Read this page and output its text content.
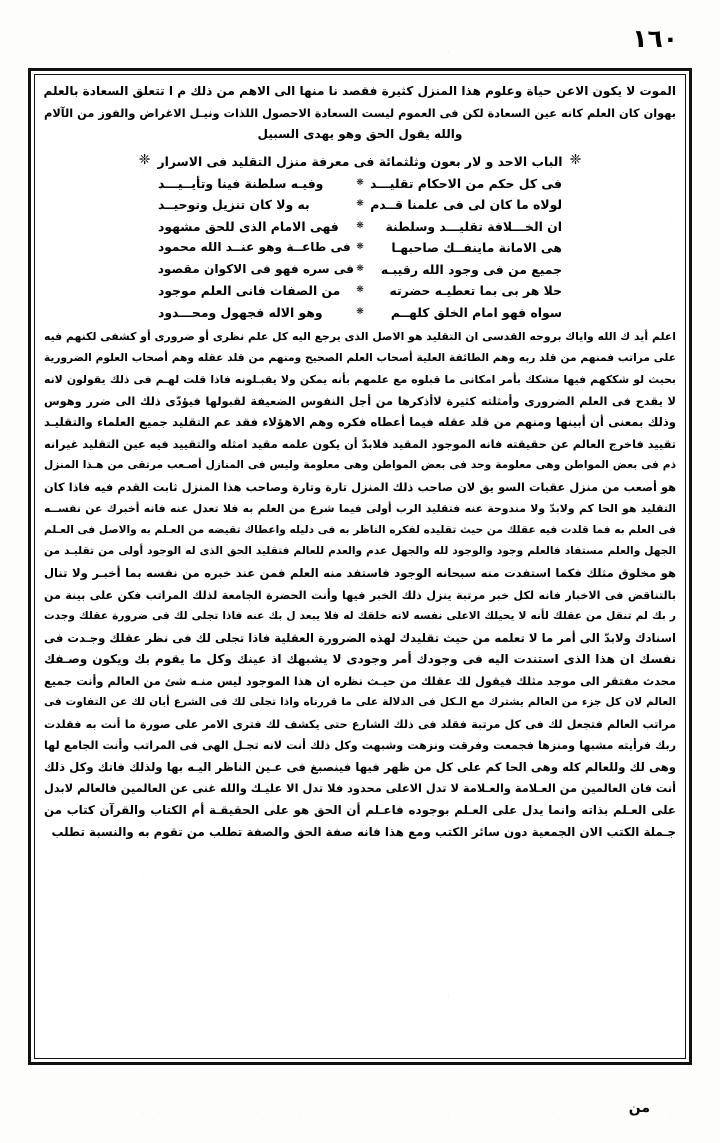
١٦٠
الموت لا يكون الاعن حياة وعلوم هذا المنزل كثيرة فقصد نا منها الى الاهم من ذلك م ا تتعلق السعادة بالعلم
بهوان كان العلم كانه عين السعادة لكن فى العموم ليست السعادة الاحصول اللذات ونيـل الاغراض والفوز من الآلام
والله يقول الحق وهو يهدى السبيل
❈
الباب الاحد و لار بعون وثلثمائة فى معرفة منزل التقليد فى الاسرار
❈
فى كل حكم من الاحكام تقليـــد
❋
وفيـه سلطنة فينا وتأيــيـــد
لولاه ما كان لى فى علمنا قــدم
❋
به ولا كان تنزيل وتوحيــد
ان الخـــلافة تقليـــد وسلطنة
❋
فهى الامام الذى للحق مشهود
هى الامانة ماينفــك صاحبهـا
❋
فى طاعــة وهو عنــد الله محمود
جميع من فى وجود الله رقيبـه
❋
فى سره فهو فى الاكوان مقصود
حلا هر بى بما تعطيـه حضرته
❋
من الصفات فانى العلم موجود
سواه فهو امام الخلق كلهــم
❋
وهو الاله فجهول ومحـــدود
اعلم أيد ك الله واياك بروحه القدسى ان التقليد هو الاصل الذى يرجع اليه كل علم نظرى أو ضرورى أو كشفى لكنهم فيه
على مراتب فمنهم من قلد ربه وهم الطائفة العلية أصحاب العلم الصحيح ومنهم من قلد عقله وهم أصحاب العلوم الضرورية
بحيث لو شككهم فيها مشكك بأمر امكانى ما قبلوه مع علمهم بأنه يمكن ولا يقبـلونه فاذا قلت لهـم فى ذلك يقولون لانه
لا يقدح فى العلم الضرورى وأمثلته كثيرة لاأذكرها من أجل النفوس الضعيفة لقبولها فيؤدّى ذلك الى ضرر وهوس
وذلك بمعنى أن أبينها ومنهم من قلد عقله فيما أعطاه فكره وهم الاهؤلاء فقد عم التقليد جميع العلماء والتقليـد
تقييد فاخرج العالم عن حقيقته فانه الموجود المقيد فلابدّ أن يكون علمه مقيد امثله والتقييد فيه عين التقليد غيرانه
ذم فى بعض المواطن وهى معلومة وحد فى بعض المواطن وهى معلومة وليس فى المنازل أصـعب مرتقى من هـذا المنزل
هو أصعب من منزل عقبات السو يق لان صاحب ذلك المنزل تارة وتارة وصاحب هذا المنزل ثابت القدم فيه فاذا كان
التقليد هو الحا كم ولابدّ ولا مندوحة عنه فتقليد الرب أولى فيما شرع من العلم به فلا تعدل عنه فانه أخبرك عن نفســه
فى العلم به فما قلدت فيه عقلك من حيث تقليده لفكره الناظر به فى دليله واعطاك تقيضه من العـلم به والاصل فى العـلم
الجهل والعلم مستفاد فالعلم وجود والوجود لله والجهل عدم والعدم للعالم فتقليد الحق الذى له الوجود أولى من تقليـد من
هو مخلوق مثلك فكما استفدت منه سبحانه الوجود فاستفد منه العلم فمن عند خبره من نفسه بما أخبـر ولا تنال
بالتناقض فى الاخبار فانه لكل خبر مرتبة ينزل ذلك الخبر فيها وأنت الحضرة الجامعة لذلك المراتب فكن على بينة من
ر بك لم تنقل من عقلك لأنه لا يحيلك الاعلى نفسه لانه خلقك له فلا يبعد ل بك عنه فاذا تجلى لك فى ضرورة عقلك وجدت
اسنادك ولابدّ الى أمر ما لا تعلمه من حيث تقليدك لهذه الضرورة العقلية فاذا تجلى لك فى نظر عقلك وجـدت فى
نفسك ان هذا الذى استندت اليه فى وجودك أمر وجودى لا يشبهك اذ عينك وكل ما يقوم بك ويكون وصـفك
محدث مفتقر الى موجد مثلك فيقول لك عقلك من حيـث نظره ان هذا الموجود ليس منـه شئ من العالم وأنت جميع
العالم لان كل جزء من العالم يشترك مع الـكل فى الدلالة على ما قررناه واذا تجلى لك فى الشرع أبان لك عن التفاوت فى
مراتب العالم فتجعل لك فى كل مرتبة فقلد فى ذلك الشارع حتى يكشف لك فترى الامر على صورة ما أنت به فقلدت
ربك فرأيته مشبها ومنزها فجمعت وفرقت ونزهت وشبهت وكل ذلك أنت لانه تجـل الهى فى المراتب وأنت الجامع لها
وهى لك وللعالم كله وهى الحا كم على كل من ظهر فيها فينصبغ فى عـين الناظر اليـه بها ولذلك فاتك وكل ذلك
أنت فان العالمين من العـلامة والعـلامة لا تدل الاعلى محدود فلا تدل الا عليـك والله غنى عن العالمين فالعالم لابدل
على العـلم بذاته وانما يدل على العـلم بوجوده فاعـلم أن الحق هو على الحقيقـة أم الكتاب والقرآن كتاب من
جـملة الكتب الان الجمعية دون سائر الكتب ومع هذا فانه صفة الحق والصفة تطلب من تقوم به والنسبة تطلب
من
